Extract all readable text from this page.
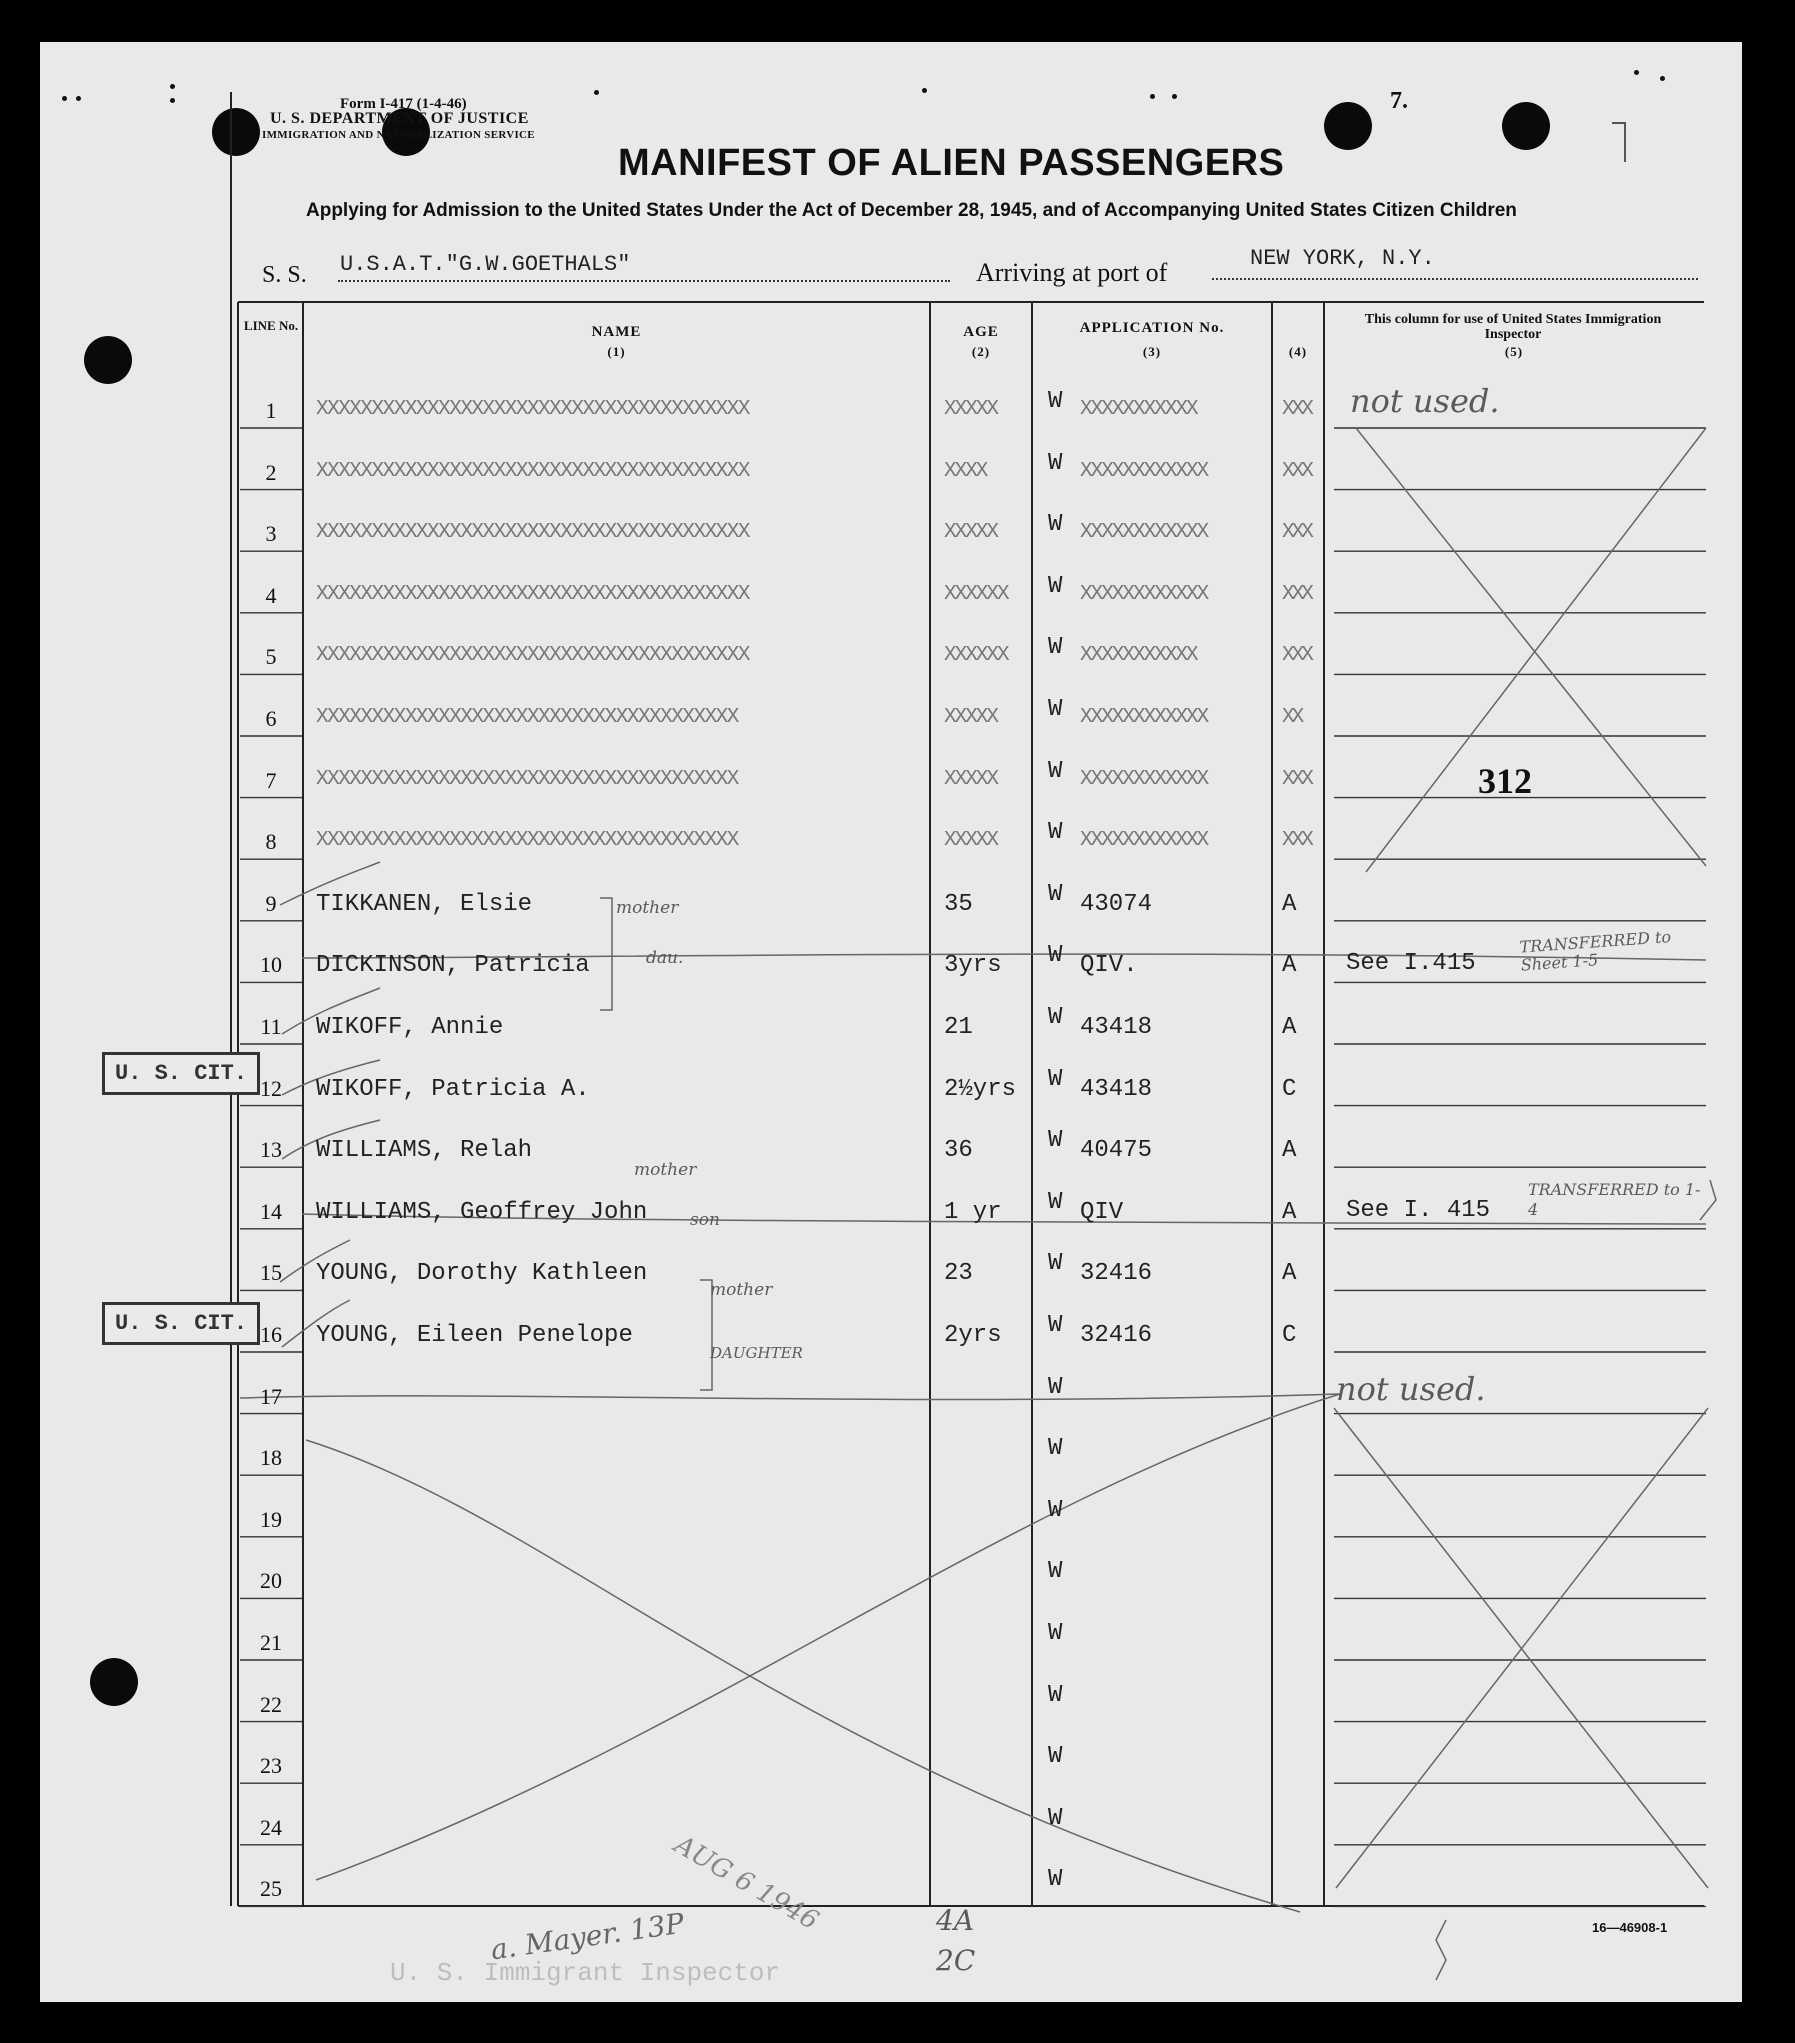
Form I-417 (1-4-46)
U. S. DEPARTMENT OF JUSTICE
IMMIGRATION AND NATURALIZATION SERVICE
MANIFEST OF ALIEN PASSENGERS
Applying for Admission to the United States Under the Act of December 28, 1945, and of Accompanying United States Citizen Children
7.
S. S. U.S.A.T."G.W.GOETHALS"	Arriving at port of	NEW YORK, N.Y.
LINE No.	NAME
(1)
AGE
(2)
APPLICATION No.
(3)	(4)
This column for use of United States Immigration Inspector
(5)
1	XXXXXXXXXXXXXXXXXXXXXXXXXXXXXXXXXXXXXXX	XXXXX W XXXXXXXXXXX	XXX
2	XXXXXXXXXXXXXXXXXXXXXXXXXXXXXXXXXXXXXXX	XXXX	W XXXXXXXXXXXX	XXX
3	XXXXXXXXXXXXXXXXXXXXXXXXXXXXXXXXXXXXXXX	XXXXX W XXXXXXXXXXXX	XXX
4	XXXXXXXXXXXXXXXXXXXXXXXXXXXXXXXXXXXXXXX	XXXXXX W XXXXXXXXXXXX	XXX
5	XXXXXXXXXXXXXXXXXXXXXXXXXXXXXXXXXXXXXXX	XXXXXX W XXXXXXXXXXX	XXX
6	XXXXXXXXXXXXXXXXXXXXXXXXXXXXXXXXXXXXXX	XXXXX W XXXXXXXXXXXX	XX
7	XXXXXXXXXXXXXXXXXXXXXXXXXXXXXXXXXXXXXX	XXXXX W XXXXXXXXXXXX	XXX
8	XXXXXXXXXXXXXXXXXXXXXXXXXXXXXXXXXXXXXX	XXXXX W XXXXXXXXXXXX	XXX
9	TIKKANEN, Elsie	35	W 43074	A
10	DICKINSON, Patricia	3yrs W QIV.	A See I.415
11	WIKOFF, Annie	21	W 43418	A
12	WIKOFF, Patricia A.	2½yrs W 43418	C
13	WILLIAMS, Relah	36	W 40475	A
14	WILLIAMS, Geoffrey John	1 yr W QIV	A See I. 415
15	YOUNG, Dorothy Kathleen	23	W 32416	A
16	YOUNG, Eileen Penelope	2yrs W 32416	C
17	W
18	W
19	W
20	W
21	W
22	W
23	W
24	W
25	W
not used.
312
not used.
TRANSFERRED to Sheet 1-5
TRANSFERRED to 1-4
mother
dau.
mother
son
mother
DAUGHTER
U. S. CIT.
U. S. CIT.
a. Mayer. 13P
AUG 6 1946	4A
2C
U. S. Immigrant Inspector
16—46908-1
